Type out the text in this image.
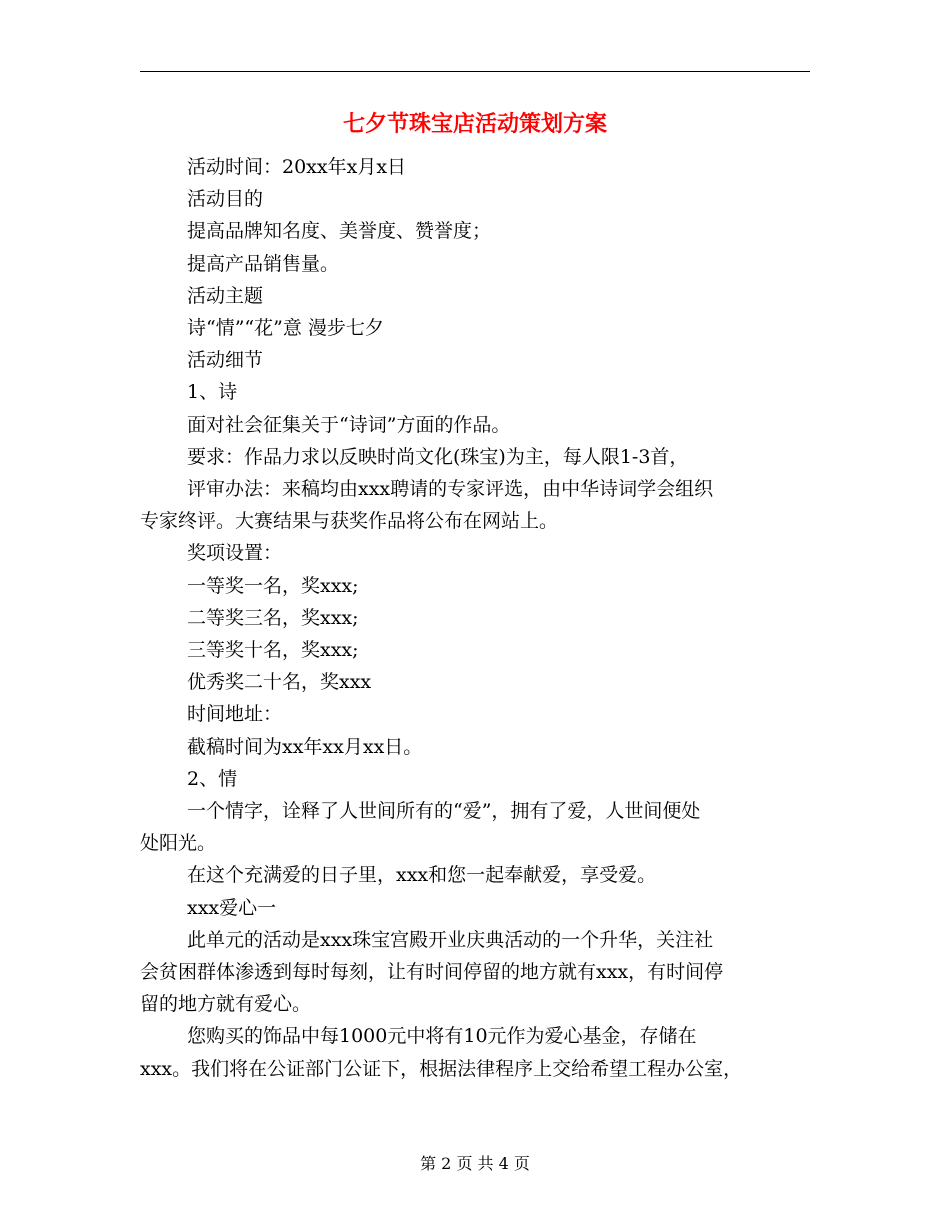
七夕节珠宝店活动策划方案

活动时间：20xx年x月x日

活动目的

提高品牌知名度、美誉度、赞誉度；

提高产品销售量。

活动主题

诗“情”“花”意 漫步七夕

活动细节

1、诗

面对社会征集关于“诗词”方面的作品。

要求：作品力求以反映时尚文化(珠宝)为主，每人限1-3首，

评审办法：来稿均由xxx聘请的专家评选，由中华诗词学会组织

专家终评。大赛结果与获奖作品将公布在网站上。

奖项设置：

一等奖一名，奖xxx;

二等奖三名，奖xxx;

三等奖十名，奖xxx;

优秀奖二十名，奖xxx

时间地址：

截稿时间为xx年xx月xx日。

2、情

一个情字，诠释了人世间所有的“爱”，拥有了爱，人世间便处

处阳光。

在这个充满爱的日子里，xxx和您一起奉献爱，享受爱。

xxx爱心一

此单元的活动是xxx珠宝宫殿开业庆典活动的一个升华，关注社

会贫困群体渗透到每时每刻，让有时间停留的地方就有xxx，有时间停

留的地方就有爱心。

您购买的饰品中每1000元中将有10元作为爱心基金，存储在

xxx。我们将在公证部门公证下，根据法律程序上交给希望工程办公室，

第 2 页 共 4 页
